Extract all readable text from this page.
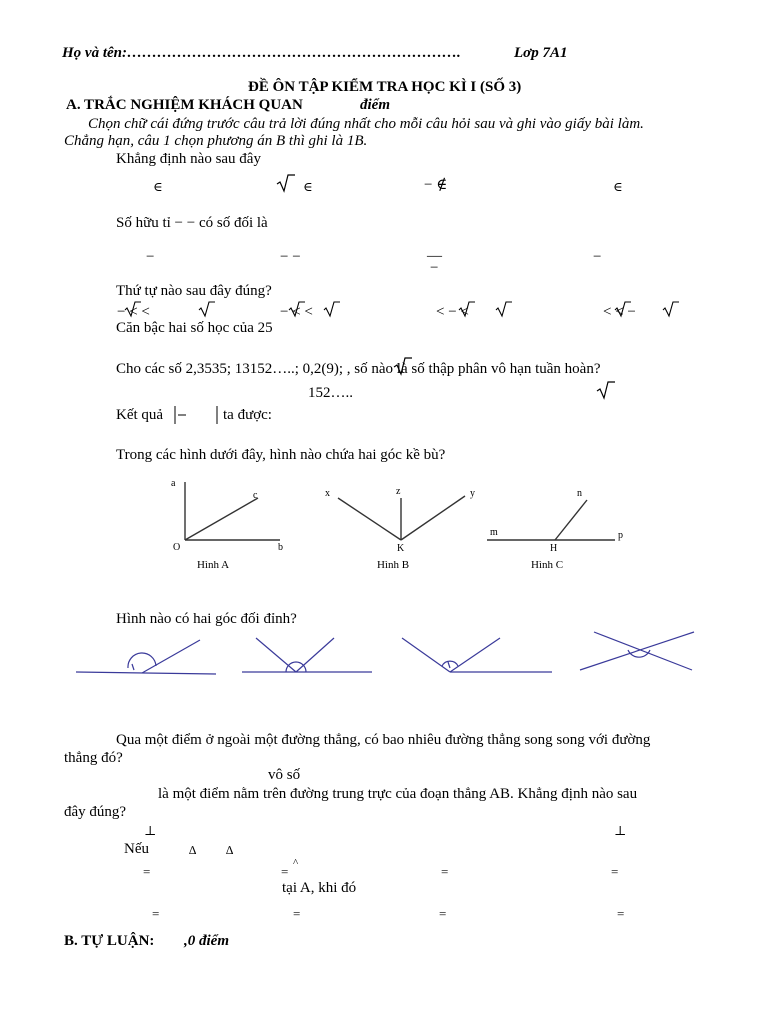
Họ và tên:………………………………………………………….	Lơp 7A1
ĐỀ ÔN TẬP KIỂM TRA HỌC KÌ I (SỐ 3)
A. TRẮC NGHIỆM KHÁCH QUAN	điểm
Chọn chữ cái đứng trước câu trả lời đúng nhất cho mỗi câu hỏi sau và ghi vào giấy bài làm.
Chẳng hạn, câu 1 chọn phương án B thì ghi là 1B.
Khẳng định nào sau đây
∈	∈	− ∉	∈
Số hữu tỉ − − có số đối là
−	− −	—
−
−
Thứ tự nào sau đây đúng?
− < <	− < <	< − <	< < −
Căn bậc hai số học của 25
Cho các số 2,3535; 13152…..; 0,2(9); , số nào là số thập phân vô hạn tuần hoàn?
152…..
Kết quả	ta được:
Trong các hình dưới đây, hình nào chứa hai góc kề bù?
a
c
O	b
Hình A
x	z	y
K
Hình B
n
m	p
H
Hình C
Hình nào có hai góc đối đỉnh?
Qua một điểm ở ngoài một đường thẳng, có bao nhiêu đường thẳng song song với đường
thẳng đó?
vô số
là một điểm nằm trên đường trung trực của đoạn thẳng AB. Khẳng định nào sau
đây đúng?
⊥	⊥
Nếu	∆ ∆
^
=	=	=	=
tại A, khi đó
=	=	=	=
B. TỰ LUẬN: ,0 điểm
